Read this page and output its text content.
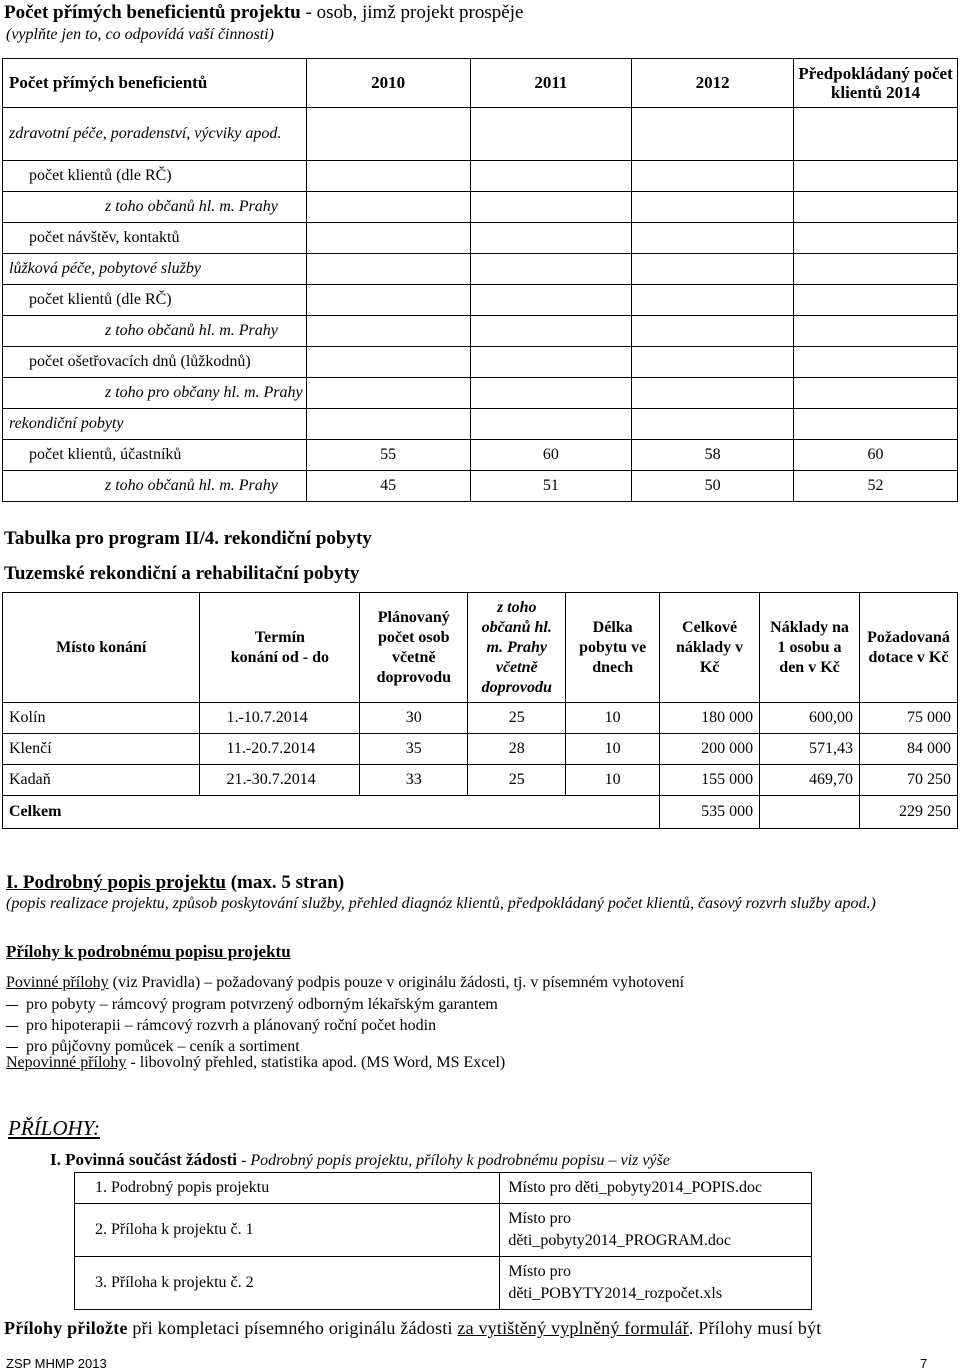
Počet přímých beneficientů projektu - osob, jimž projekt prospěje
(vyplňte jen to, co odpovídá vaší činnosti)
Počet přímých beneficientů	2010	2011	2012	Předpokládaný počet klientů 2014
zdravotní péče, poradenství, výcviky apod.				
počet klientů (dle RČ)				
z toho občanů hl. m. Prahy				
počet návštěv, kontaktů				
lůžková péče, pobytové služby				
počet klientů (dle RČ)				
z toho občanů hl. m. Prahy				
počet ošetřovacích dnů (lůžkodnů)				
z toho pro občany hl. m. Prahy				
rekondiční pobyty				
počet klientů, účastníků	55	60	58	60
z toho občanů hl. m. Prahy	45	51	50	52
Tabulka pro program II/4. rekondiční pobyty
Tuzemské rekondiční a rehabilitační pobyty
Místo konání	Termín konání od - do	Plánovaný počet osob včetně doprovodu	z toho občanů hl. m. Prahy včetně doprovodu	Délka pobytu ve dnech	Celkové náklady v Kč	Náklady na 1 osobu a den v Kč	Požadovaná dotace v Kč
Kolín	1.-10.7.2014	30	25	10	180 000	600,00	75 000
Klenčí	11.-20.7.2014	35	28	10	200 000	571,43	84 000
Kadaň	21.-30.7.2014	33	25	10	155 000	469,70	70 250
Celkem					535 000		229 250
I. Podrobný popis projektu (max. 5 stran)
(popis realizace projektu, způsob poskytování služby, přehled diagnóz klientů, předpokládaný počet klientů, časový rozvrh služby apod.)
Přílohy k podrobnému popisu projektu
Povinné přílohy (viz Pravidla) – požadovaný podpis pouze v originálu žádosti, tj. v písemném vyhotovení
pro pobyty – rámcový program potvrzený odborným lékařským garantem
pro hipoterapii – rámcový rozvrh a plánovaný roční počet hodin
pro půjčovny pomůcek – ceník a sortiment
Nepovinné přílohy - libovolný přehled, statistika apod. (MS Word, MS Excel)
PŘÍLOHY:
I. Povinná součást žádosti - Podrobný popis projektu, přílohy k podrobnému popisu – viz výše
1. Podrobný popis projektu	Místo pro děti_pobyty2014_POPIS.doc
2. Příloha k projektu č. 1	Místo pro děti_pobyty2014_PROGRAM.doc
3. Příloha k projektu č. 2	Místo pro děti_POBYTY2014_rozpočet.xls
Přílohy přiložte při kompletaci písemného originálu žádosti za vytištěný vyplněný formulář. Přílohy musí být
ZSP MHMP 2013	7
